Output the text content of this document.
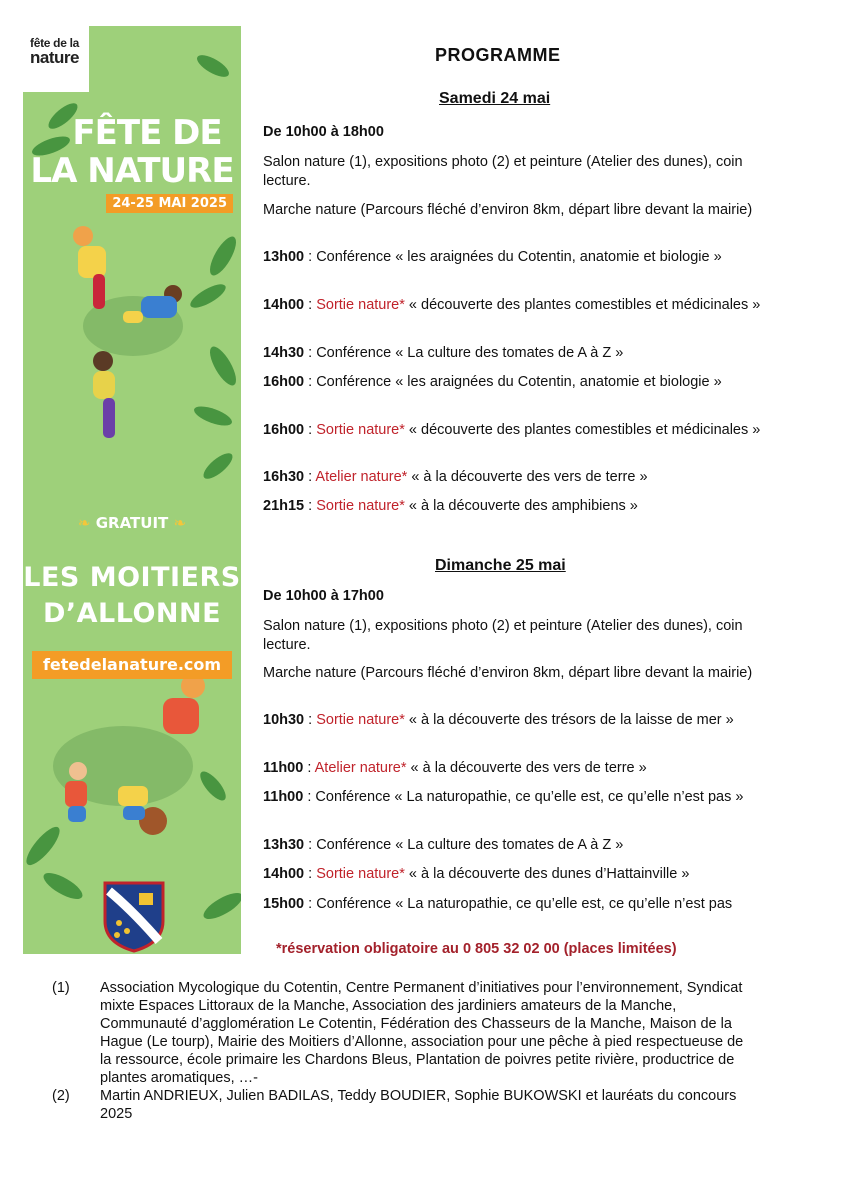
fête de la
nature
FÊTE DE
LA NATURE
24-25 MAI 2025
❧ GRATUIT ❧
LES MOITIERS
D’ALLONNE
fetedelanature.com
PROGRAMME
Samedi 24 mai
De 10h00 à 18h00
Salon nature (1), expositions photo (2) et peinture (Atelier des dunes), coin lecture.
Marche nature (Parcours fléché d’environ 8km, départ libre devant la mairie)
13h00 : Conférence « les araignées du Cotentin, anatomie et biologie »
14h00 : Sortie nature* « découverte des plantes comestibles et médicinales »
14h30 : Conférence « La culture des tomates de A à Z »
16h00 : Conférence « les araignées du Cotentin, anatomie et biologie »
16h00 : Sortie nature* « découverte des plantes comestibles et médicinales »
16h30 : Atelier nature* « à la découverte des vers de terre »
21h15 : Sortie nature* « à la découverte des amphibiens »
Dimanche 25 mai
De 10h00 à 17h00
Salon nature (1), expositions photo (2) et peinture (Atelier des dunes), coin lecture.
Marche nature (Parcours fléché d’environ 8km, départ libre devant la mairie)
10h30 : Sortie nature* « à la découverte des trésors de la laisse de mer »
11h00 : Atelier nature* « à la découverte des vers de terre »
11h00 : Conférence « La naturopathie, ce qu’elle est, ce qu’elle n’est pas »
13h30 : Conférence « La culture des tomates de A à Z »
14h00 : Sortie nature* « à la découverte des dunes d’Hattainville »
15h00 : Conférence « La naturopathie, ce qu’elle est, ce qu’elle n’est pas
*réservation obligatoire au 0 805 32 02 00 (places limitées)
(1)	Association Mycologique du Cotentin, Centre Permanent d’initiatives pour l’environnement, Syndicat mixte Espaces Littoraux de la Manche, Association des jardiniers amateurs de la Manche, Communauté d’agglomération Le Cotentin, Fédération des Chasseurs de la Manche, Maison de la Hague (Le tourp), Mairie des Moitiers d’Allonne, association pour une pêche à pied respectueuse de la ressource, école primaire les Chardons Bleus, Plantation de poivres petite rivière, productrice de plantes aromatiques, …-
(2)	Martin ANDRIEUX, Julien BADILAS, Teddy BOUDIER, Sophie BUKOWSKI et lauréats du concours 2025
